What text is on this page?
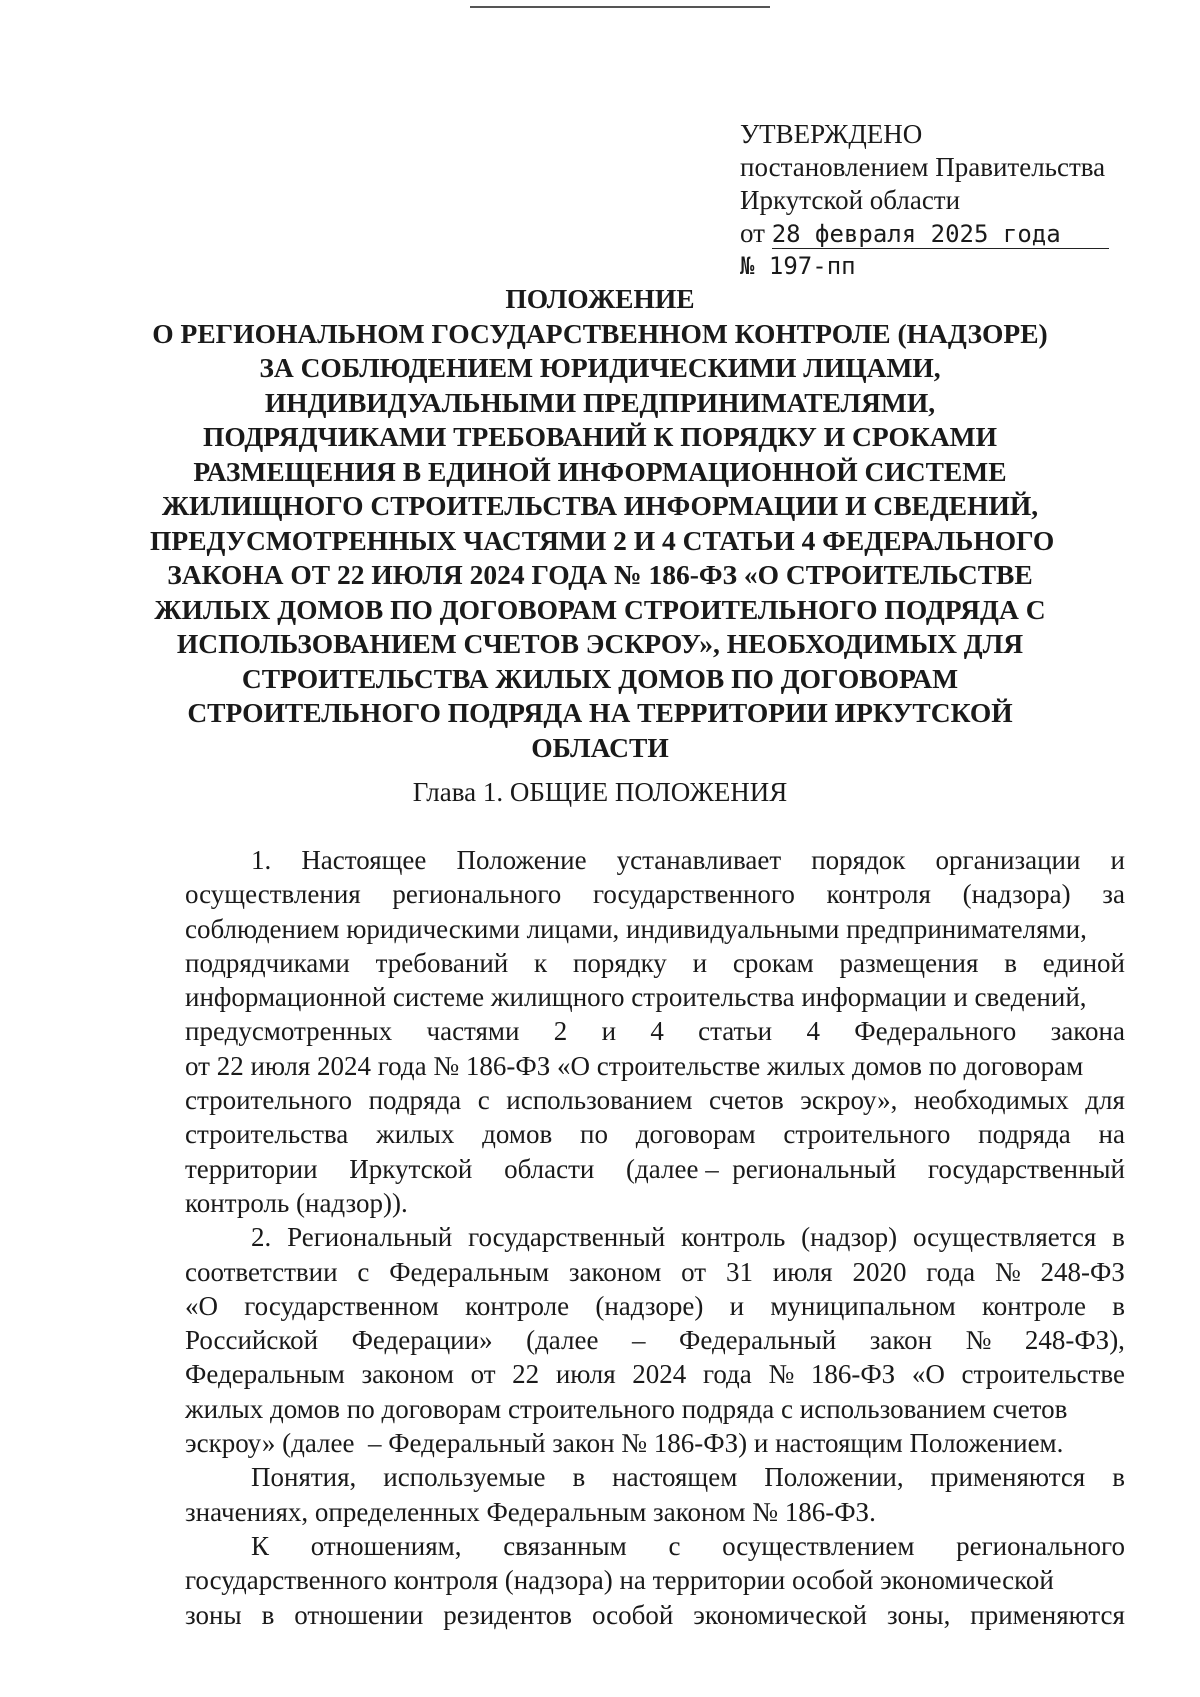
УТВЕРЖДЕНО
постановлением Правительства
Иркутской области
от 28 февраля 2025 года
№ 197-пп
ПОЛОЖЕНИЕ
О РЕГИОНАЛЬНОМ ГОСУДАРСТВЕННОМ КОНТРОЛЕ (НАДЗОРЕ)
ЗА СОБЛЮДЕНИЕМ ЮРИДИЧЕСКИМИ ЛИЦАМИ,
ИНДИВИДУАЛЬНЫМИ ПРЕДПРИНИМАТЕЛЯМИ,
ПОДРЯДЧИКАМИ ТРЕБОВАНИЙ К ПОРЯДКУ И СРОКАМИ
РАЗМЕЩЕНИЯ В ЕДИНОЙ ИНФОРМАЦИОННОЙ СИСТЕМЕ
ЖИЛИЩНОГО СТРОИТЕЛЬСТВА ИНФОРМАЦИИ И СВЕДЕНИЙ,
ПРЕДУСМОТРЕННЫХ ЧАСТЯМИ 2 И 4 СТАТЬИ 4 ФЕДЕРАЛЬНОГО
ЗАКОНА ОТ 22 ИЮЛЯ 2024 ГОДА № 186-ФЗ «О СТРОИТЕЛЬСТВЕ
ЖИЛЫХ ДОМОВ ПО ДОГОВОРАМ СТРОИТЕЛЬНОГО ПОДРЯДА С
ИСПОЛЬЗОВАНИЕМ СЧЕТОВ ЭСКРОУ», НЕОБХОДИМЫХ ДЛЯ
СТРОИТЕЛЬСТВА ЖИЛЫХ ДОМОВ ПО ДОГОВОРАМ
СТРОИТЕЛЬНОГО ПОДРЯДА НА ТЕРРИТОРИИ ИРКУТСКОЙ
ОБЛАСТИ
Глава 1. ОБЩИЕ ПОЛОЖЕНИЯ
1. Настоящее Положение устанавливает порядок организации и
осуществления регионального государственного контроля (надзора) за
соблюдением юридическими лицами, индивидуальными предпринимателями,
подрядчиками требований к порядку и срокам размещения в единой
информационной системе жилищного строительства информации и сведений,
предусмотренных частями 2 и 4 статьи 4 Федерального закона
от 22 июля 2024 года № 186-ФЗ «О строительстве жилых домов по договорам
строительного подряда с использованием счетов эскроу», необходимых для
строительства жилых домов по договорам строительного подряда на
территории Иркутской области (далее –  региональный государственный
контроль (надзор)).
2. Региональный государственный контроль (надзор) осуществляется в
соответствии с Федеральным законом от 31 июля 2020 года № 248-ФЗ
«О государственном контроле (надзоре) и муниципальном контроле в
Российской Федерации» (далее – Федеральный закон № 248-ФЗ),
Федеральным законом от 22 июля 2024 года № 186-ФЗ «О строительстве
жилых домов по договорам строительного подряда с использованием счетов
эскроу» (далее  – Федеральный закон № 186-ФЗ) и настоящим Положением.
Понятия, используемые в настоящем Положении, применяются в
значениях, определенных Федеральным законом № 186-ФЗ.
К отношениям, связанным с осуществлением регионального
государственного контроля (надзора) на территории особой экономической
зоны в отношении резидентов особой экономической зоны, применяются
